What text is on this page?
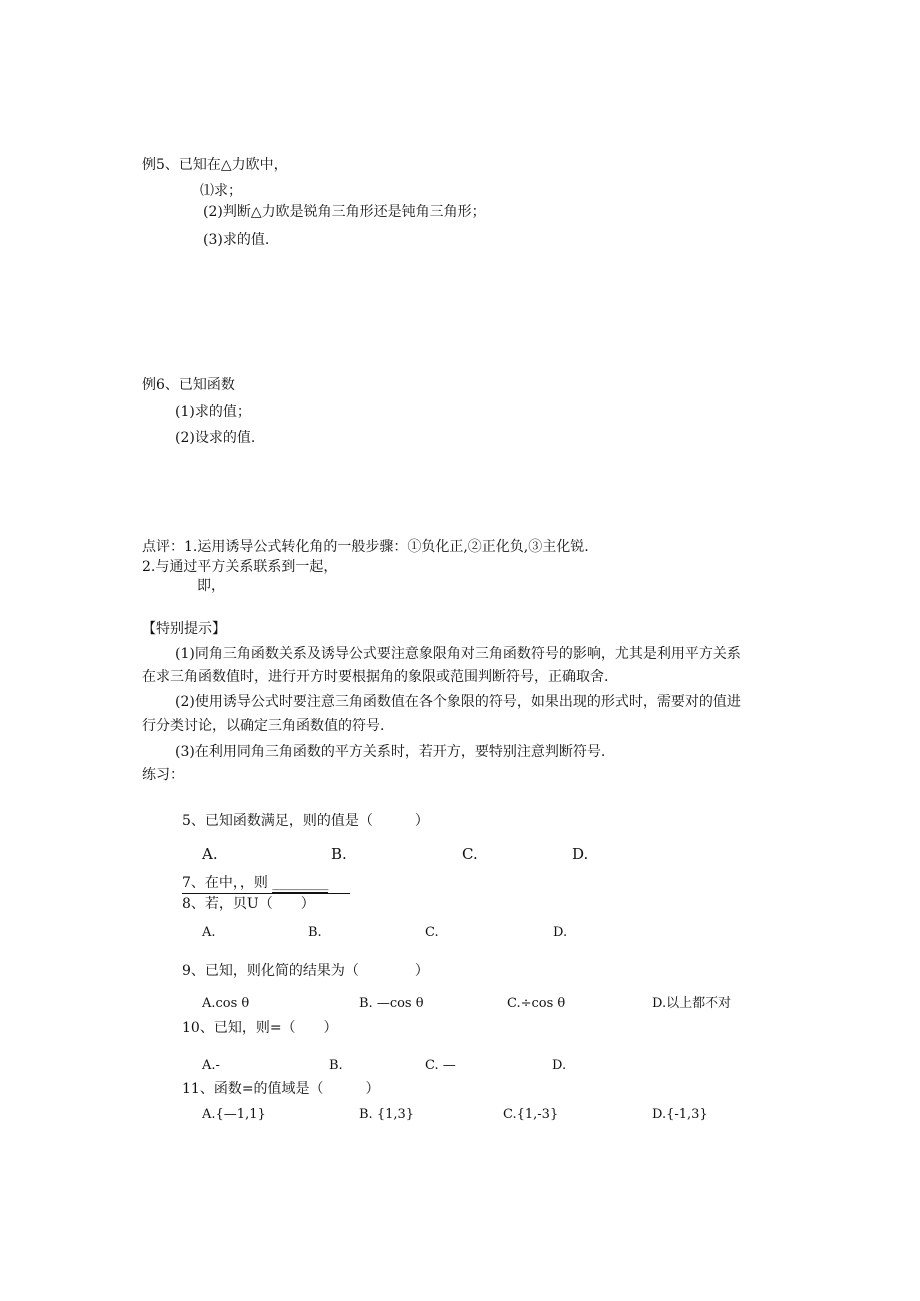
例5、已知在△力欧中，
⑴求；
(2)判断△力欧是锐角三角形还是钝角三角形；
(3)求的值.
例6、已知函数
(1)求的值；
(2)设求的值.
点评：1.运用诱导公式转化角的一般步骤：①负化正,②正化负,③主化锐.
2.与通过平方关系联系到一起，
即，
【特别提示】
(1)同角三角函数关系及诱导公式要注意象限角对三角函数符号的影响，尤其是利用平方关系
在求三角函数值时，进行开方时要根据角的象限或范围判断符号，正确取舍.
(2)使用诱导公式时要注意三角函数值在各个象限的符号，如果出现的形式时，需要对的值进
行分类讨论，以确定三角函数值的符号.
(3)在利用同角三角函数的平方关系时，若开方，要特别注意判断符号.
练习：
5、已知函数满足，则的值是（　　　）
A.	B.	C.	D.
7、在中，，则 ________
8、若，贝U（　　）
A.	B.	C.	D.
9、已知，则化简的结果为（　　　　）
A.cos θ	B. —cos θ	C.÷cos θ	D.以上都不对
10、已知，则=（　　）
A.-	B.	C. —	D.
11、函数=的值域是（　　　）
A.{—1,1}	B. {1,3}	C.{1,-3}	D.{-1,3}
